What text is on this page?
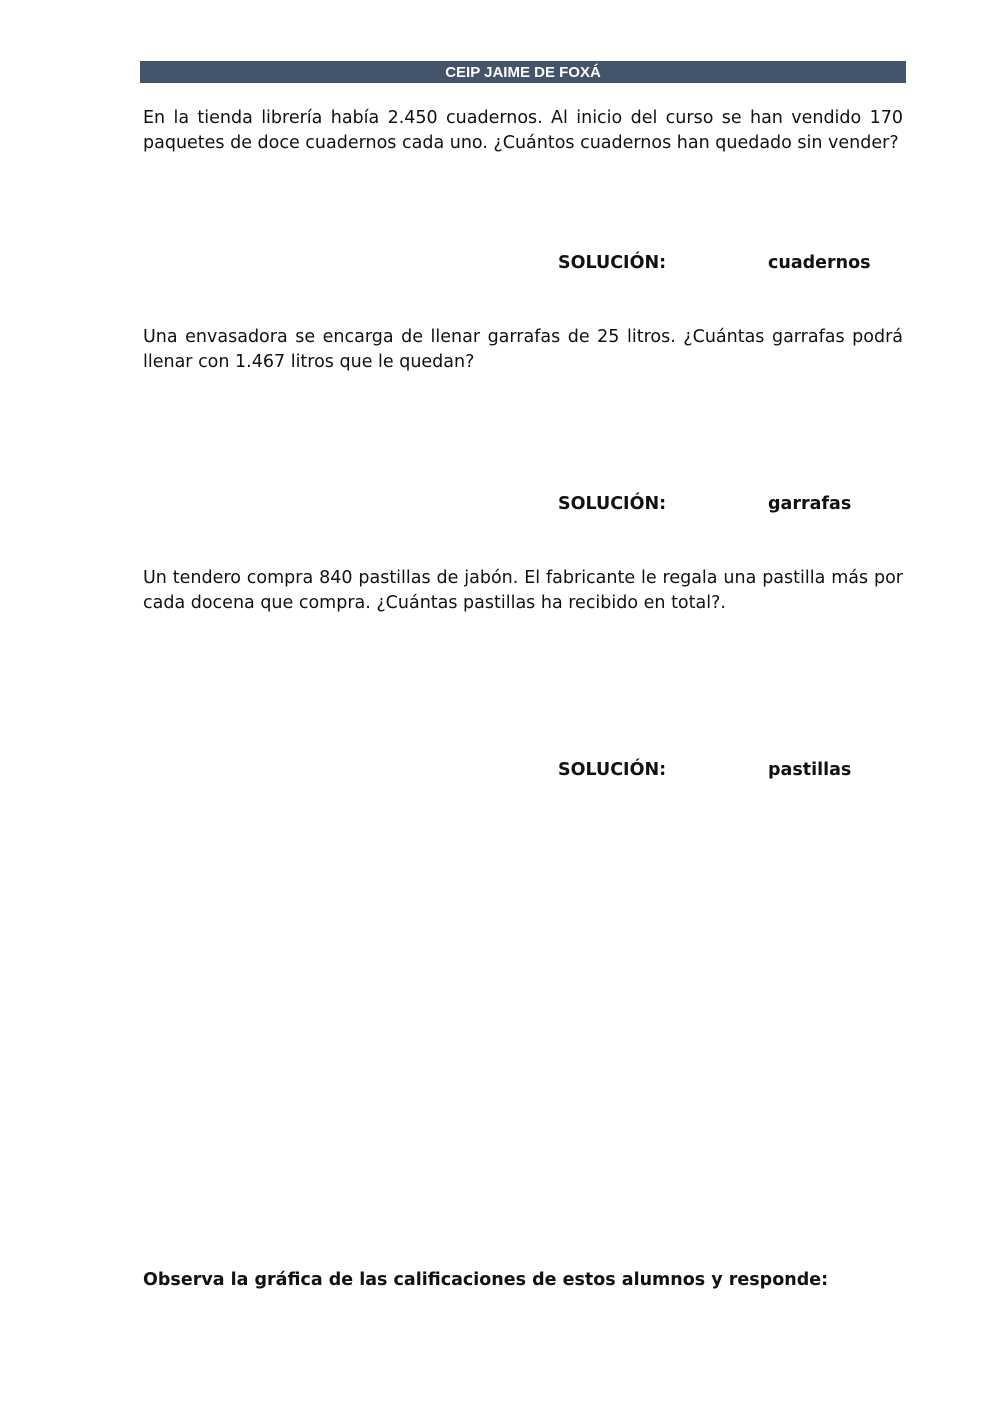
CEIP JAIME DE FOXÁ
En la tienda librería había 2.450 cuadernos. Al inicio del curso se han vendido 170 paquetes de doce cuadernos cada uno. ¿Cuántos cuadernos han quedado sin vender?
SOLUCIÓN:	cuadernos
Una envasadora se encarga de llenar garrafas de 25 litros. ¿Cuántas garrafas podrá llenar con 1.467 litros que le quedan?
SOLUCIÓN:	garrafas
Un tendero compra 840 pastillas de jabón. El fabricante le regala una pastilla más por cada docena que compra. ¿Cuántas pastillas ha recibido en total?.
SOLUCIÓN:	pastillas
Observa la gráfica de las calificaciones de estos alumnos y responde:
